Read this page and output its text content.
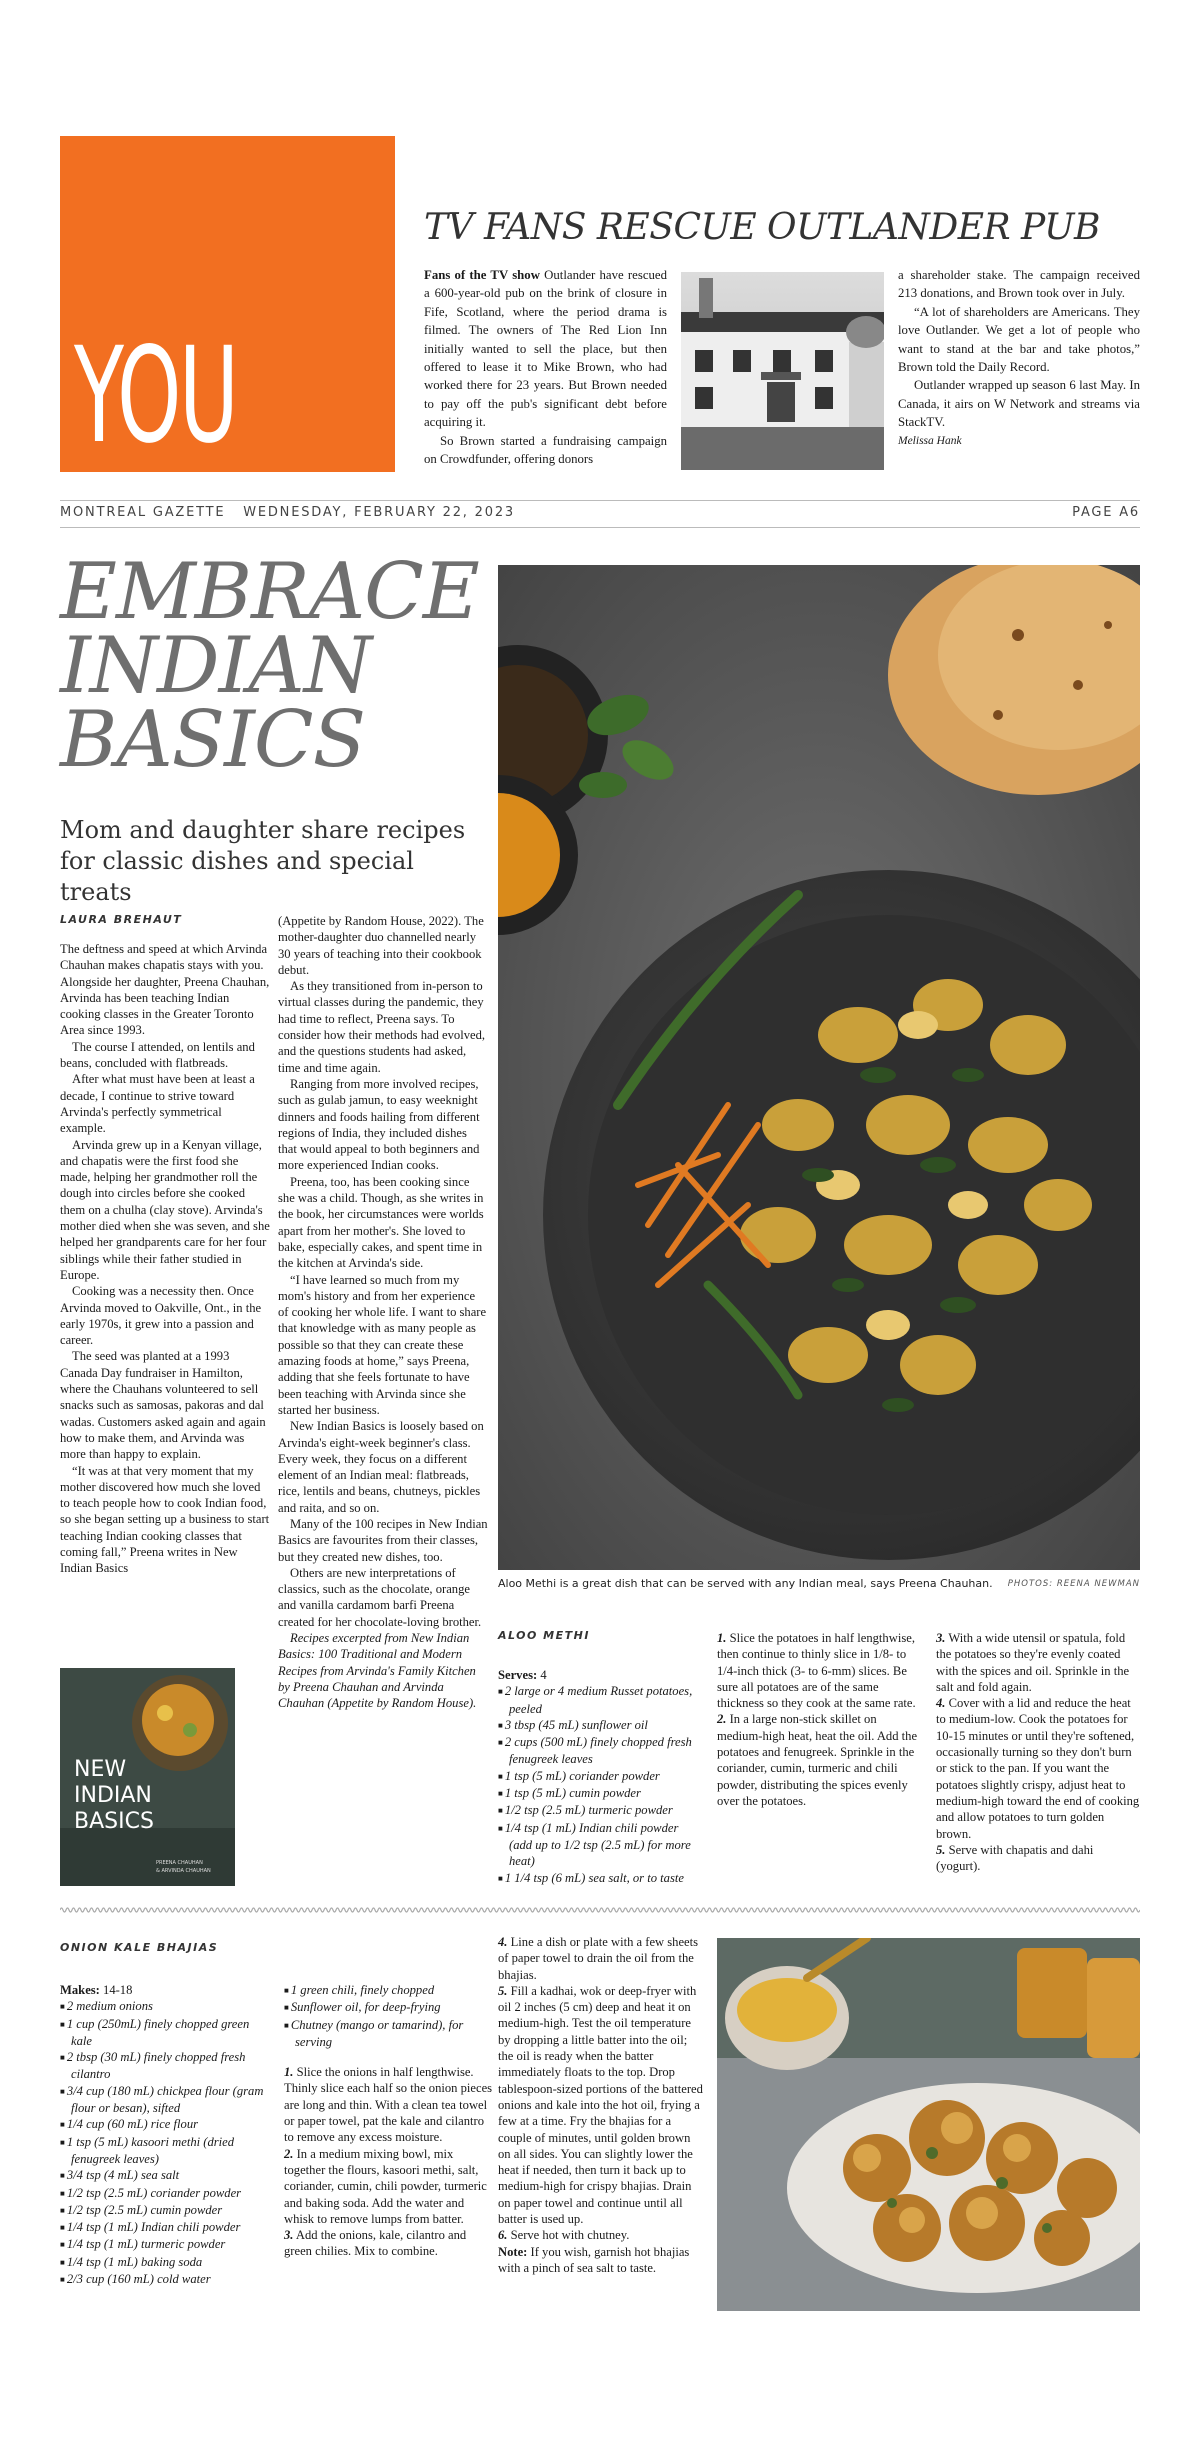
YOU
TV FANS RESCUE OUTLANDER PUB

Fans of the TV show Outlander have rescued a 600-year-old pub on the brink of closure in Fife, Scotland, where the period drama is filmed. The owners of The Red Lion Inn initially wanted to sell the place, but then offered to lease it to Mike Brown, who had worked there for 23 years. But Brown needed to pay off the pub's significant debt before acquiring it.

So Brown started a fundraising campaign on Crowdfunder, offering donors

a shareholder stake. The campaign received 213 donations, and Brown took over in July.

“A lot of shareholders are Americans. They love Outlander. We get a lot of people who want to stand at the bar and take photos,” Brown told the Daily Record.

Outlander wrapped up season 6 last May. In Canada, it airs on W Network and streams via StackTV.

Melissa Hank
MONTREAL GAZETTE WEDNESDAY, FEBRUARY 22, 2023	PAGE A6
EMBRACE
INDIAN
BASICS
Mom and daughter share recipes for classic dishes and special treats
LAURA BREHAUT

The deftness and speed at which Arvinda Chauhan makes chapatis stays with you. Alongside her daughter, Preena Chauhan, Arvinda has been teaching Indian cooking classes in the Greater Toronto Area since 1993.

The course I attended, on lentils and beans, concluded with flatbreads.

After what must have been at least a decade, I continue to strive toward Arvinda's perfectly symmetrical example.

Arvinda grew up in a Kenyan village, and chapatis were the first food she made, helping her grandmother roll the dough into circles before she cooked them on a chulha (clay stove). Arvinda's mother died when she was seven, and she helped her grandparents care for her four siblings while their father studied in Europe.

Cooking was a necessity then. Once Arvinda moved to Oakville, Ont., in the early 1970s, it grew into a passion and career.

The seed was planted at a 1993 Canada Day fundraiser in Hamilton, where the Chauhans volunteered to sell snacks such as samosas, pakoras and dal wadas. Customers asked again and again how to make them, and Arvinda was more than happy to explain.

“It was at that very moment that my mother discovered how much she loved to teach people how to cook Indian food, so she began setting up a business to start teaching Indian cooking classes that coming fall,” Preena writes in New Indian Basics

(Appetite by Random House, 2022). The mother-daughter duo channelled nearly 30 years of teaching into their cookbook debut.

As they transitioned from in-person to virtual classes during the pandemic, they had time to reflect, Preena says. To consider how their methods had evolved, and the questions students had asked, time and time again.

Ranging from more involved recipes, such as gulab jamun, to easy weeknight dinners and foods hailing from different regions of India, they included dishes that would appeal to both beginners and more experienced Indian cooks.

Preena, too, has been cooking since she was a child. Though, as she writes in the book, her circumstances were worlds apart from her mother's. She loved to bake, especially cakes, and spent time in the kitchen at Arvinda's side.

“I have learned so much from my mom's history and from her experience of cooking her whole life. I want to share that knowledge with as many people as possible so that they can create these amazing foods at home,” says Preena, adding that she feels fortunate to have been teaching with Arvinda since she started her business.

New Indian Basics is loosely based on Arvinda's eight-week beginner's class. Every week, they focus on a different element of an Indian meal: flatbreads, rice, lentils and beans, chutneys, pickles and raita, and so on.

Many of the 100 recipes in New Indian Basics are favourites from their classes, but they created new dishes, too.

Others are new interpretations of classics, such as the chocolate, orange and vanilla cardamom barfi Preena created for her chocolate-loving brother.

Recipes excerpted from New Indian Basics: 100 Traditional and Modern Recipes from Arvinda's Family Kitchen by Preena Chauhan and Arvinda Chauhan (Appetite by Random House).

NEW
INDIAN
BASICS
PREENA CHAUHAN
& ARVINDA CHAUHAN
Aloo Methi is a great dish that can be served with any Indian meal, says Preena Chauhan. PHOTOS: REENA NEWMAN
ALOO METHI
Serves: 4
■ 2 large or 4 medium Russet potatoes, peeled
■ 3 tbsp (45 mL) sunflower oil
■ 2 cups (500 mL) finely chopped fresh fenugreek leaves
■ 1 tsp (5 mL) coriander powder
■ 1 tsp (5 mL) cumin powder
■ 1/2 tsp (2.5 mL) turmeric powder
■ 1/4 tsp (1 mL) Indian chili powder (add up to 1/2 tsp (2.5 mL) for more heat)
■ 1 1/4 tsp (6 mL) sea salt, or to taste
1. Slice the potatoes in half lengthwise, then continue to thinly slice in 1/8- to 1/4-inch thick (3- to 6-mm) slices. Be sure all potatoes are of the same thickness so they cook at the same rate.
2. In a large non-stick skillet on medium-high heat, heat the oil. Add the potatoes and fenugreek. Sprinkle in the coriander, cumin, turmeric and chili powder, distributing the spices evenly over the potatoes.
3. With a wide utensil or spatula, fold the potatoes so they're evenly coated with the spices and oil. Sprinkle in the salt and fold again.
4. Cover with a lid and reduce the heat to medium-low. Cook the potatoes for 10-15 minutes or until they're softened, occasionally turning so they don't burn or stick to the pan. If you want the potatoes slightly crispy, adjust heat to medium-high toward the end of cooking and allow potatoes to turn golden brown.
5. Serve with chapatis and dahi (yogurt).
ONION KALE BHAJIAS
Makes: 14-18
■ 2 medium onions
■ 1 cup (250mL) finely chopped green kale
■ 2 tbsp (30 mL) finely chopped fresh cilantro
■ 3/4 cup (180 mL) chickpea flour (gram flour or besan), sifted
■ 1/4 cup (60 mL) rice flour
■ 1 tsp (5 mL) kasoori methi (dried fenugreek leaves)
■ 3/4 tsp (4 mL) sea salt
■ 1/2 tsp (2.5 mL) coriander powder
■ 1/2 tsp (2.5 mL) cumin powder
■ 1/4 tsp (1 mL) Indian chili powder
■ 1/4 tsp (1 mL) turmeric powder
■ 1/4 tsp (1 mL) baking soda
■ 2/3 cup (160 mL) cold water
■ 1 green chili, finely chopped
■ Sunflower oil, for deep-frying
■ Chutney (mango or tamarind), for serving
1. Slice the onions in half lengthwise. Thinly slice each half so the onion pieces are long and thin. With a clean tea towel or paper towel, pat the kale and cilantro to remove any excess moisture.
2. In a medium mixing bowl, mix together the flours, kasoori methi, salt, coriander, cumin, chili powder, turmeric and baking soda. Add the water and whisk to remove lumps from batter.
3. Add the onions, kale, cilantro and green chilies. Mix to combine.
4. Line a dish or plate with a few sheets of paper towel to drain the oil from the bhajias.
5. Fill a kadhai, wok or deep-fryer with oil 2 inches (5 cm) deep and heat it on medium-high. Test the oil temperature by dropping a little batter into the oil; the oil is ready when the batter immediately floats to the top. Drop tablespoon-sized portions of the battered onions and kale into the hot oil, frying a few at a time. Fry the bhajias for a couple of minutes, until golden brown on all sides. You can slightly lower the heat if needed, then turn it back up to medium-high for crispy bhajias. Drain on paper towel and continue until all batter is used up.
6. Serve hot with chutney.
Note: If you wish, garnish hot bhajias with a pinch of sea salt to taste.
